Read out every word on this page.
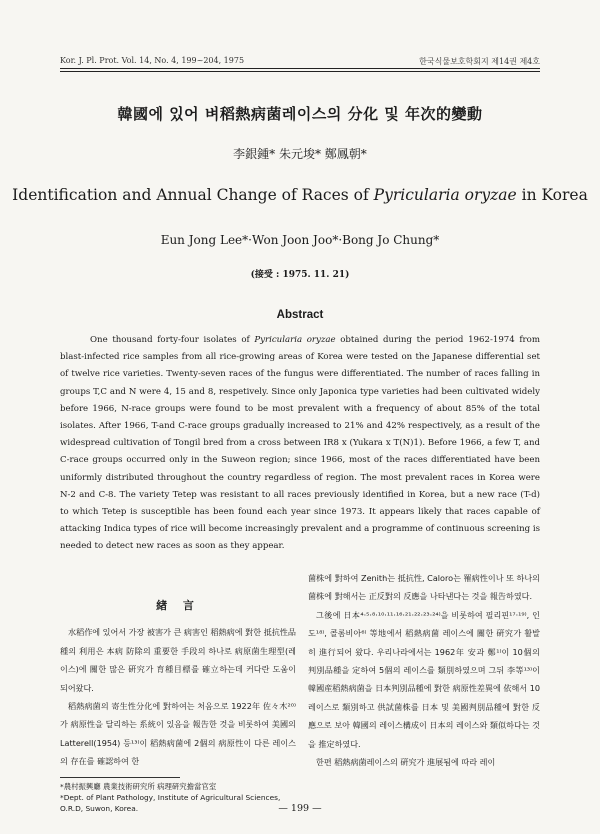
Kor. J. Pl. Prot. Vol. 14, No. 4, 199~204, 1975	한국식물보호학회지 제14권 제4호
韓國에 있어 벼稻熱病菌레이스의 分化 및 年次的變動
李銀鍾* 朱元埈* 鄭鳳朝*
Identification and Annual Change of Races of Pyricularia oryzae in Korea
Eun Jong Lee*·Won Joon Joo*·Bong Jo Chung*
(接受 : 1975. 11. 21)
Abstract

One thousand forty-four isolates of Pyricularia oryzae obtained during the period 1962-1974 from blast-infected rice samples from all rice-growing areas of Korea were tested on the Japanese differential set of twelve rice varieties. Twenty-seven races of the fungus were differentiated. The number of races falling in groups T,C and N were 4, 15 and 8, respetively. Since only Japonica type varieties had been cultivated widely before 1966, N-race groups were found to be most prevalent with a frequency of about 85% of the total isolates. After 1966, T-and C-race groups gradually increased to 21% and 42% respectively, as a result of the widespread cultivation of Tongil bred from a cross between IR8 x (Yukara x T(N)1). Before 1966, a few T, and C-race groups occurred only in the Suweon region; since 1966, most of the races differentiated have been uniformly distributed throughout the country regardless of region. The most prevalent races in Korea were N-2 and C-8. The variety Tetep was resistant to all races previously identified in Korea, but a new race (T-d) to which Tetep is susceptible has been found each year since 1973. It appears likely that races capable of attacking Indica types of rice will become increasingly prevalent and a programme of continuous screening is needed to detect new races as soon as they appear.

緖 言

水稻作에 있어서 가장 被害가 큰 病害인 稻熱病에 對한 抵抗性品種의 利用은 本病 防除의 重要한 手段의 하나로 病原菌生理型(레이스)에 關한 많은 硏究가 育種目標를 確立하는데 커다란 도움이 되어왔다.

稻熱病菌의 寄生性分化에 對하여는 처음으로 1922年 佐々木²⁰⁾가 病原性을 달리하는 系統이 있음을 報告한 것을 비롯하여 美國의 Latterell(1954) 등¹³⁾이 稻熱病菌에 2個의 病原性이 다른 레이스의 存在를 確認하여 한

菌株에 對하여 Zenith는 抵抗性, Caloro는 罹病性이나 또 하나의 菌株에 對해서는 正反對의 反應을 나타낸다는 것을 報告하였다.

그後에 日本⁴·⁵·⁸·¹⁰·¹¹·¹⁶·²¹·²²·²³·²⁴⁾을 비롯하여 필리핀¹⁷·¹⁹⁾, 인도¹⁸⁾, 콜롬비아⁶⁾ 等地에서 稻熱病菌 레이스에 關한 硏究가 활발히 進行되어 왔다. 우리나라에서는 1962年 安과 鄭¹⁾이 10個의 判別品種을 定하여 5個의 레이스를 類別하였으며 그뒤 李等¹³⁾이 韓國産稻熱病菌을 日本判別品種에 對한 病原性差異에 依해서 10레이스로 類別하고 供試菌株를 日本 및 美國判別品種에 對한 反應으로 보아 韓國의 레이스構成이 日本의 레이스와 類似하다는 것을 推定하였다.

한편 稻熱病菌레이스의 硏究가 進展됨에 따라 레이

*農村振興廳 農業技術硏究所 病理硏究擔當官室
*Dept. of Plant Pathology, Institute of Agricultural Sciences, O.R.D, Suwon, Korea.	— 199 —
